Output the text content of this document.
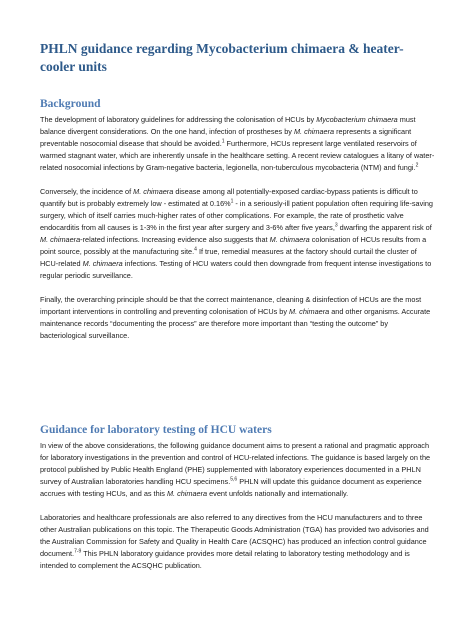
PHLN guidance regarding Mycobacterium chimaera & heater-cooler units
Background

The development of laboratory guidelines for addressing the colonisation of HCUs by Mycobacterium chimaera must balance divergent considerations. On the one hand, infection of prostheses by M. chimaera represents a significant preventable nosocomial disease that should be avoided.$^1$ Furthermore, HCUs represent large ventilated reservoirs of warmed stagnant water, which are inherently unsafe in the healthcare setting. A recent review catalogues a litany of water-related nosocomial infections by Gram-negative bacteria, legionella, non-tuberculous mycobacteria (NTM) and fungi.$^2$

Conversely, the incidence of M. chimaera disease among all potentially-exposed cardiac-bypass patients is difficult to quantify but is probably extremely low - estimated at 0.16%$^1$ - in a seriously-ill patient population often requiring life-saving surgery, which of itself carries much-higher rates of other complications. For example, the rate of prosthetic valve endocarditis from all causes is 1-3% in the first year after surgery and 3-6% after five years,$^3$ dwarfing the apparent risk of M. chimaera-related infections. Increasing evidence also suggests that M. chimaera colonisation of HCUs results from a point source, possibly at the manufacturing site.$^4$ If true, remedial measures at the factory should curtail the cluster of HCU-related M. chimaera infections. Testing of HCU waters could then downgrade from frequent intense investigations to regular periodic surveillance.

Finally, the overarching principle should be that the correct maintenance, cleaning & disinfection of HCUs are the most important interventions in controlling and preventing colonisation of HCUs by M. chimaera and other organisms. Accurate maintenance records “documenting the process” are therefore more important than “testing the outcome” by bacteriological surveillance.

Guidance for laboratory testing of HCU waters

In view of the above considerations, the following guidance document aims to present a rational and pragmatic approach for laboratory investigations in the prevention and control of HCU-related infections. The guidance is based largely on the protocol published by Public Health England (PHE) supplemented with laboratory experiences documented in a PHLN survey of Australian laboratories handling HCU specimens.$^{5,6}$ PHLN will update this guidance document as experience accrues with testing HCUs, and as this M. chimaera event unfolds nationally and internationally.

Laboratories and healthcare professionals are also referred to any directives from the HCU manufacturers and to three other Australian publications on this topic. The Therapeutic Goods Administration (TGA) has provided two advisories and the Australian Commission for Safety and Quality in Health Care (ACSQHC) has produced an infection control guidance document.$^{7-9}$ This PHLN laboratory guidance provides more detail relating to laboratory testing methodology and is intended to complement the ACSQHC publication.
